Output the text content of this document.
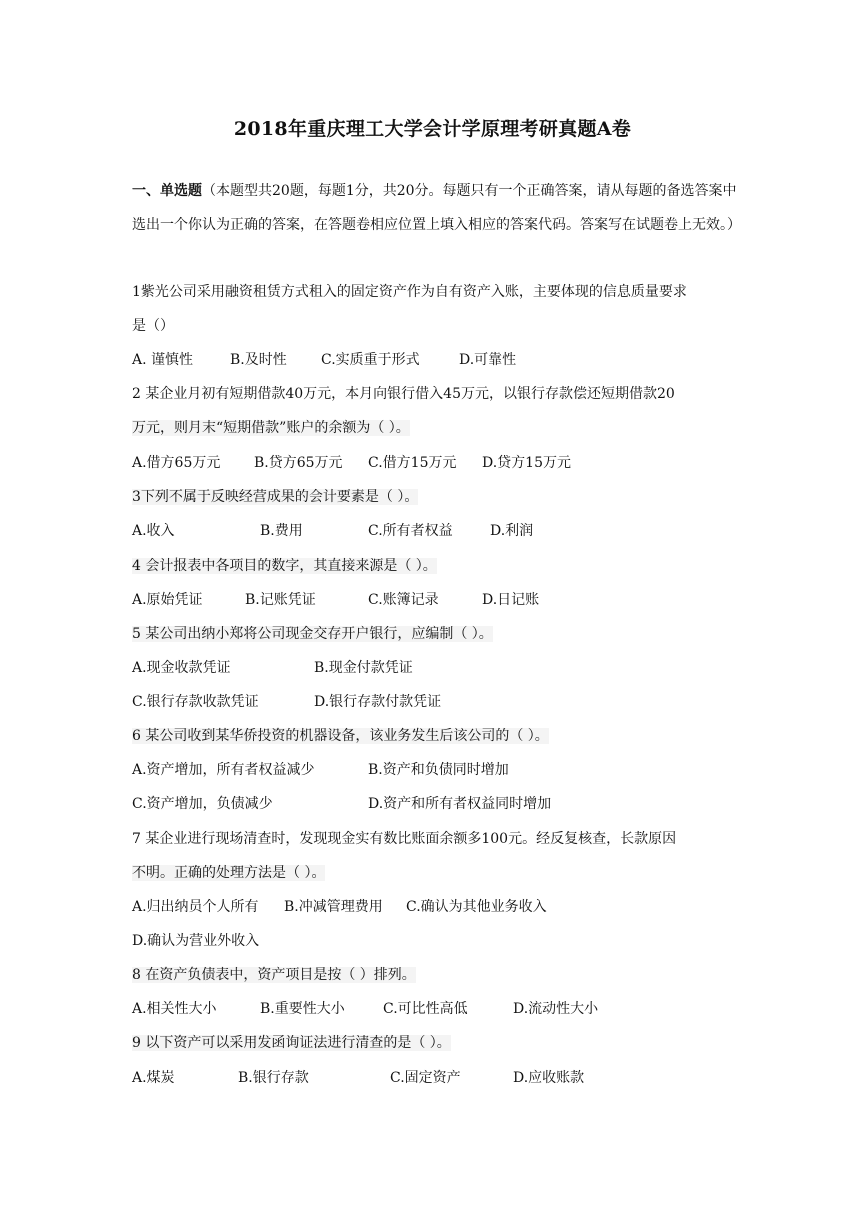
2018年重庆理工大学会计学原理考研真题A卷
一、单选题（本题型共20题，每题1分，共20分。每题只有一个正确答案，请从每题的备选答案中选出一个你认为正确的答案，在答题卷相应位置上填入相应的答案代码。答案写在试题卷上无效。）
1紫光公司采用融资租赁方式租入的固定资产作为自有资产入账，主要体现的信息质量要求
是（）
A. 谨慎性	B.及时性 C.实质重于形式	D.可靠性
2 某企业月初有短期借款40万元，本月向银行借入45万元，以银行存款偿还短期借款20
万元，则月末“短期借款”账户的余额为（ ）。
A.借方65万元 B.贷方65万元 C.借方15万元 D.贷方15万元
3下列不属于反映经营成果的会计要素是（ ）。
A.收入	B.费用	C.所有者权益	D.利润
4 会计报表中各项目的数字，其直接来源是（ ）。
A.原始凭证	B.记账凭证	C.账簿记录	D.日记账
5 某公司出纳小郑将公司现金交存开户银行，应编制（ ）。
A.现金收款凭证	B.现金付款凭证
C.银行存款收款凭证	D.银行存款付款凭证
6 某公司收到某华侨投资的机器设备，该业务发生后该公司的（ ）。
A.资产增加，所有者权益减少	B.资产和负债同时增加
C.资产增加，负债减少	D.资产和所有者权益同时增加
7 某企业进行现场清查时，发现现金实有数比账面余额多100元。经反复核查，长款原因
不明。正确的处理方法是（ ）。
A.归出纳员个人所有 B.冲减管理费用 C.确认为其他业务收入
D.确认为营业外收入
8 在资产负债表中，资产项目是按（ ）排列。
A.相关性大小	B.重要性大小	C.可比性高低	D.流动性大小
9 以下资产可以采用发函询证法进行清查的是（ ）。
A.煤炭	B.银行存款	C.固定资产	D.应收账款
